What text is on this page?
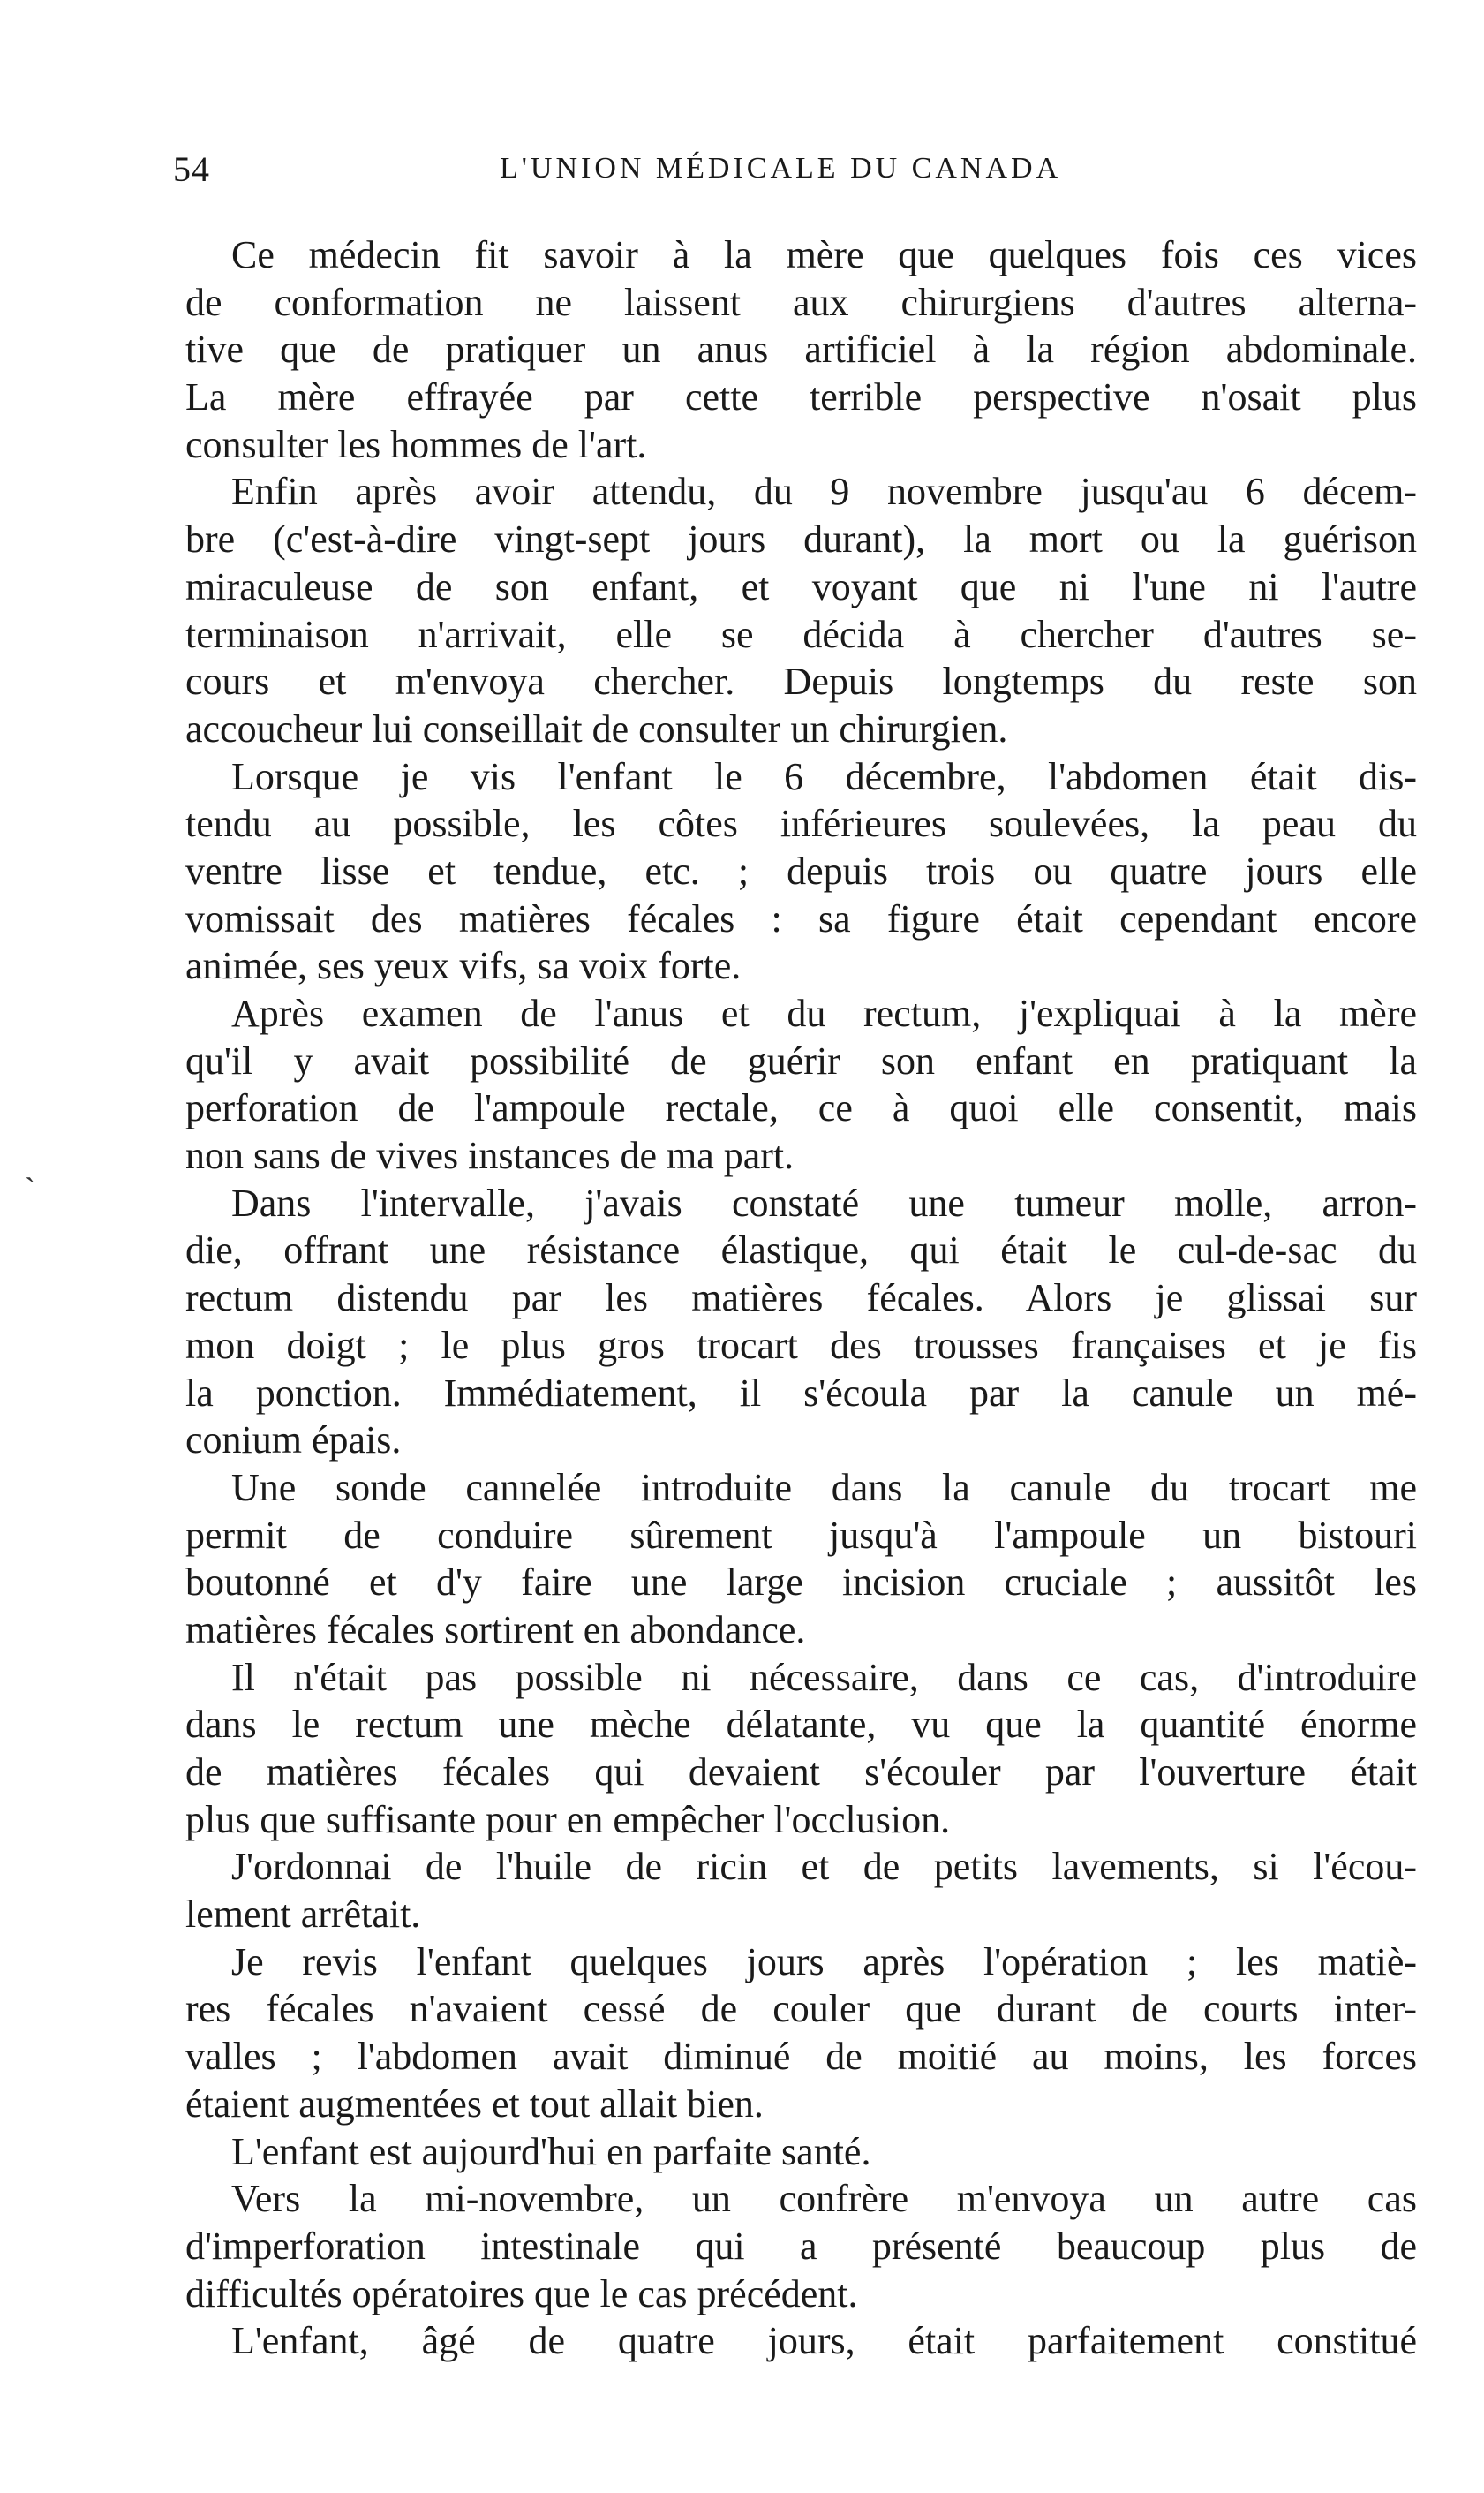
54	L'UNION MÉDICALE DU CANADA
Ce médecin fit savoir à la mère que quelques fois ces vices
de conformation ne laissent aux chirurgiens d'autres alterna-
tive que de pratiquer un anus artificiel à la région abdominale.
La mère effrayée par cette terrible perspective n'osait plus
consulter les hommes de l'art.
Enfin après avoir attendu, du 9 novembre jusqu'au 6 décem-
bre (c'est-à-dire vingt-sept jours durant), la mort ou la guérison
miraculeuse de son enfant, et voyant que ni l'une ni l'autre
terminaison n'arrivait, elle se décida à chercher d'autres se-
cours et m'envoya chercher. Depuis longtemps du reste son
accoucheur lui conseillait de consulter un chirurgien.
Lorsque je vis l'enfant le 6 décembre, l'abdomen était dis-
tendu au possible, les côtes inférieures soulevées, la peau du
ventre lisse et tendue, etc. ; depuis trois ou quatre jours elle
vomissait des matières fécales : sa figure était cependant encore
animée, ses yeux vifs, sa voix forte.
Après examen de l'anus et du rectum, j'expliquai à la mère
qu'il y avait possibilité de guérir son enfant en pratiquant la
perforation de l'ampoule rectale, ce à quoi elle consentit, mais
non sans de vives instances de ma part.
Dans l'intervalle, j'avais constaté une tumeur molle, arron-
die, offrant une résistance élastique, qui était le cul-de-sac du
rectum distendu par les matières fécales. Alors je glissai sur
mon doigt ; le plus gros trocart des trousses françaises et je fis
la ponction. Immédiatement, il s'écoula par la canule un mé-
conium épais.
Une sonde cannelée introduite dans la canule du trocart me
permit de conduire sûrement jusqu'à l'ampoule un bistouri
boutonné et d'y faire une large incision cruciale ; aussitôt les
matières fécales sortirent en abondance.
Il n'était pas possible ni nécessaire, dans ce cas, d'introduire
dans le rectum une mèche délatante, vu que la quantité énorme
de matières fécales qui devaient s'écouler par l'ouverture était
plus que suffisante pour en empêcher l'occlusion.
J'ordonnai de l'huile de ricin et de petits lavements, si l'écou-
lement arrêtait.
Je revis l'enfant quelques jours après l'opération ; les matiè-
res fécales n'avaient cessé de couler que durant de courts inter-
valles ; l'abdomen avait diminué de moitié au moins, les forces
étaient augmentées et tout allait bien.
L'enfant est aujourd'hui en parfaite santé.
Vers la mi-novembre, un confrère m'envoya un autre cas
d'imperforation intestinale qui a présenté beaucoup plus de
difficultés opératoires que le cas précédent.
L'enfant, âgé de quatre jours, était parfaitement constitué
`
